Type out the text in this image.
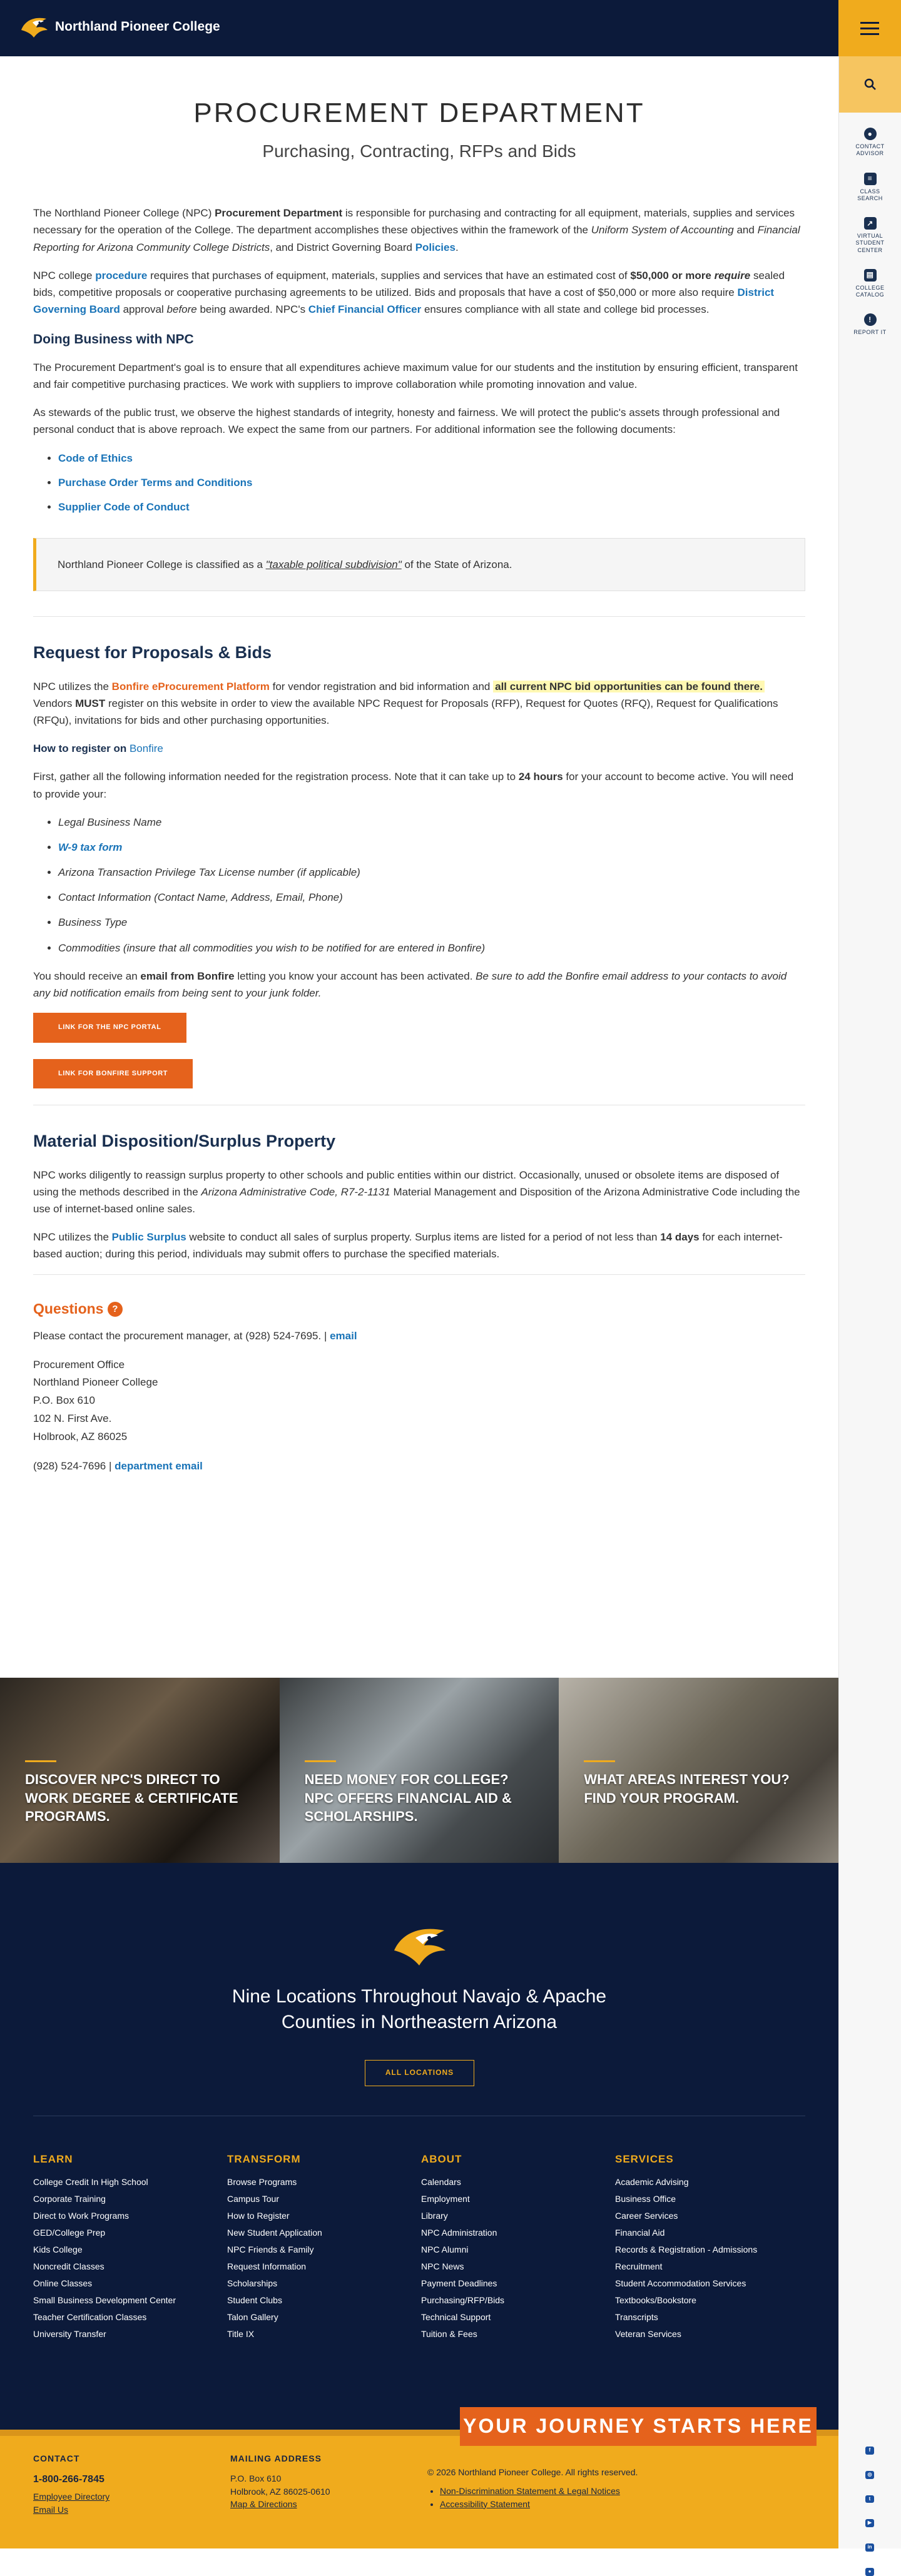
Northland Pioneer College
●
CONTACT ADVISOR
≡
CLASS SEARCH
↗
VIRTUAL STUDENT CENTER
▤
COLLEGE CATALOG
!
REPORT IT
PROCUREMENT DEPARTMENT
Purchasing, Contracting, RFPs and Bids

The Northland Pioneer College (NPC) Procurement Department is responsible for purchasing and contracting for all equipment, materials, supplies and services necessary for the operation of the College. The department accomplishes these objectives within the framework of the Uniform System of Accounting and Financial Reporting for Arizona Community College Districts, and District Governing Board Policies.

NPC college procedure requires that purchases of equipment, materials, supplies and services that have an estimated cost of $50,000 or more require sealed bids, competitive proposals or cooperative purchasing agreements to be utilized. Bids and proposals that have a cost of $50,000 or more also require District Governing Board approval before being awarded. NPC's Chief Financial Officer ensures compliance with all state and college bid processes.

Doing Business with NPC

The Procurement Department's goal is to ensure that all expenditures achieve maximum value for our students and the institution by ensuring efficient, transparent and fair competitive purchasing practices. We work with suppliers to improve collaboration while promoting innovation and value.

As stewards of the public trust, we observe the highest standards of integrity, honesty and fairness. We will protect the public's assets through professional and personal conduct that is above reproach. We expect the same from our partners. For additional information see the following documents:

• Code of Ethics
• Purchase Order Terms and Conditions
• Supplier Code of Conduct
Northland Pioneer College is classified as a "taxable political subdivision" of the State of Arizona.
Request for Proposals & Bids

NPC utilizes the Bonfire eProcurement Platform for vendor registration and bid information and all current NPC bid opportunities can be found there. Vendors MUST register on this website in order to view the available NPC Request for Proposals (RFP), Request for Quotes (RFQ), Request for Qualifications (RFQu), invitations for bids and other purchasing opportunities.

How to register on Bonfire

First, gather all the following information needed for the registration process. Note that it can take up to 24 hours for your account to become active. You will need to provide your:

• Legal Business Name
• W-9 tax form
• Arizona Transaction Privilege Tax License number (if applicable)
• Contact Information (Contact Name, Address, Email, Phone)
• Business Type
• Commodities (insure that all commodities you wish to be notified for are entered in Bonfire)

You should receive an email from Bonfire letting you know your account has been activated. Be sure to add the Bonfire email address to your contacts to avoid any bid notification emails from being sent to your junk folder.

LINK FOR THE NPC PORTAL
LINK FOR BONFIRE SUPPORT
Material Disposition/Surplus Property

NPC works diligently to reassign surplus property to other schools and public entities within our district. Occasionally, unused or obsolete items are disposed of using the methods described in the Arizona Administrative Code, R7-2-1131 Material Management and Disposition of the Arizona Administrative Code including the use of internet-based online sales.

NPC utilizes the Public Surplus website to conduct all sales of surplus property. Surplus items are listed for a period of not less than 14 days for each internet-based auction; during this period, individuals may submit offers to purchase the specified materials.

Questions ?

Please contact the procurement manager, at (928) 524-7695. | email

Procurement Office
Northland Pioneer College
P.O. Box 610
102 N. First Ave.
Holbrook, AZ 86025

(928) 524-7696 | department email

DISCOVER NPC'S DIRECT TO WORK DEGREE & CERTIFICATE PROGRAMS.
NEED MONEY FOR COLLEGE? NPC OFFERS FINANCIAL AID & SCHOLARSHIPS.
WHAT AREAS INTEREST YOU? FIND YOUR PROGRAM.
Nine Locations Throughout Navajo & Apache
Counties in Northeastern Arizona
ALL LOCATIONS
LEARN
College Credit In High School
Corporate Training
Direct to Work Programs
GED/College Prep
Kids College
Noncredit Classes
Online Classes
Small Business Development Center
Teacher Certification Classes
University Transfer
TRANSFORM
Browse Programs
Campus Tour
How to Register
New Student Application
NPC Friends & Family
Request Information
Scholarships
Student Clubs
Talon Gallery
Title IX
ABOUT
Calendars
Employment
Library
NPC Administration
NPC Alumni
NPC News
Payment Deadlines
Purchasing/RFP/Bids
Technical Support
Tuition & Fees
SERVICES
Academic Advising
Business Office
Career Services
Financial Aid
Records & Registration - Admissions
Recruitment
Student Accommodation Services
Textbooks/Bookstore
Transcripts
Veteran Services
YOUR JOURNEY STARTS HERE
CONTACT
1-800-266-7845
Employee Directory
Email Us
MAILING ADDRESS
P.O. Box 610
Holbrook, AZ 86025-0610
Map & Directions
© 2026 Northland Pioneer College. All rights reserved.
• Non-Discrimination Statement & Legal Notices
• Accessibility Statement
f
◎
t
▶
in
●
